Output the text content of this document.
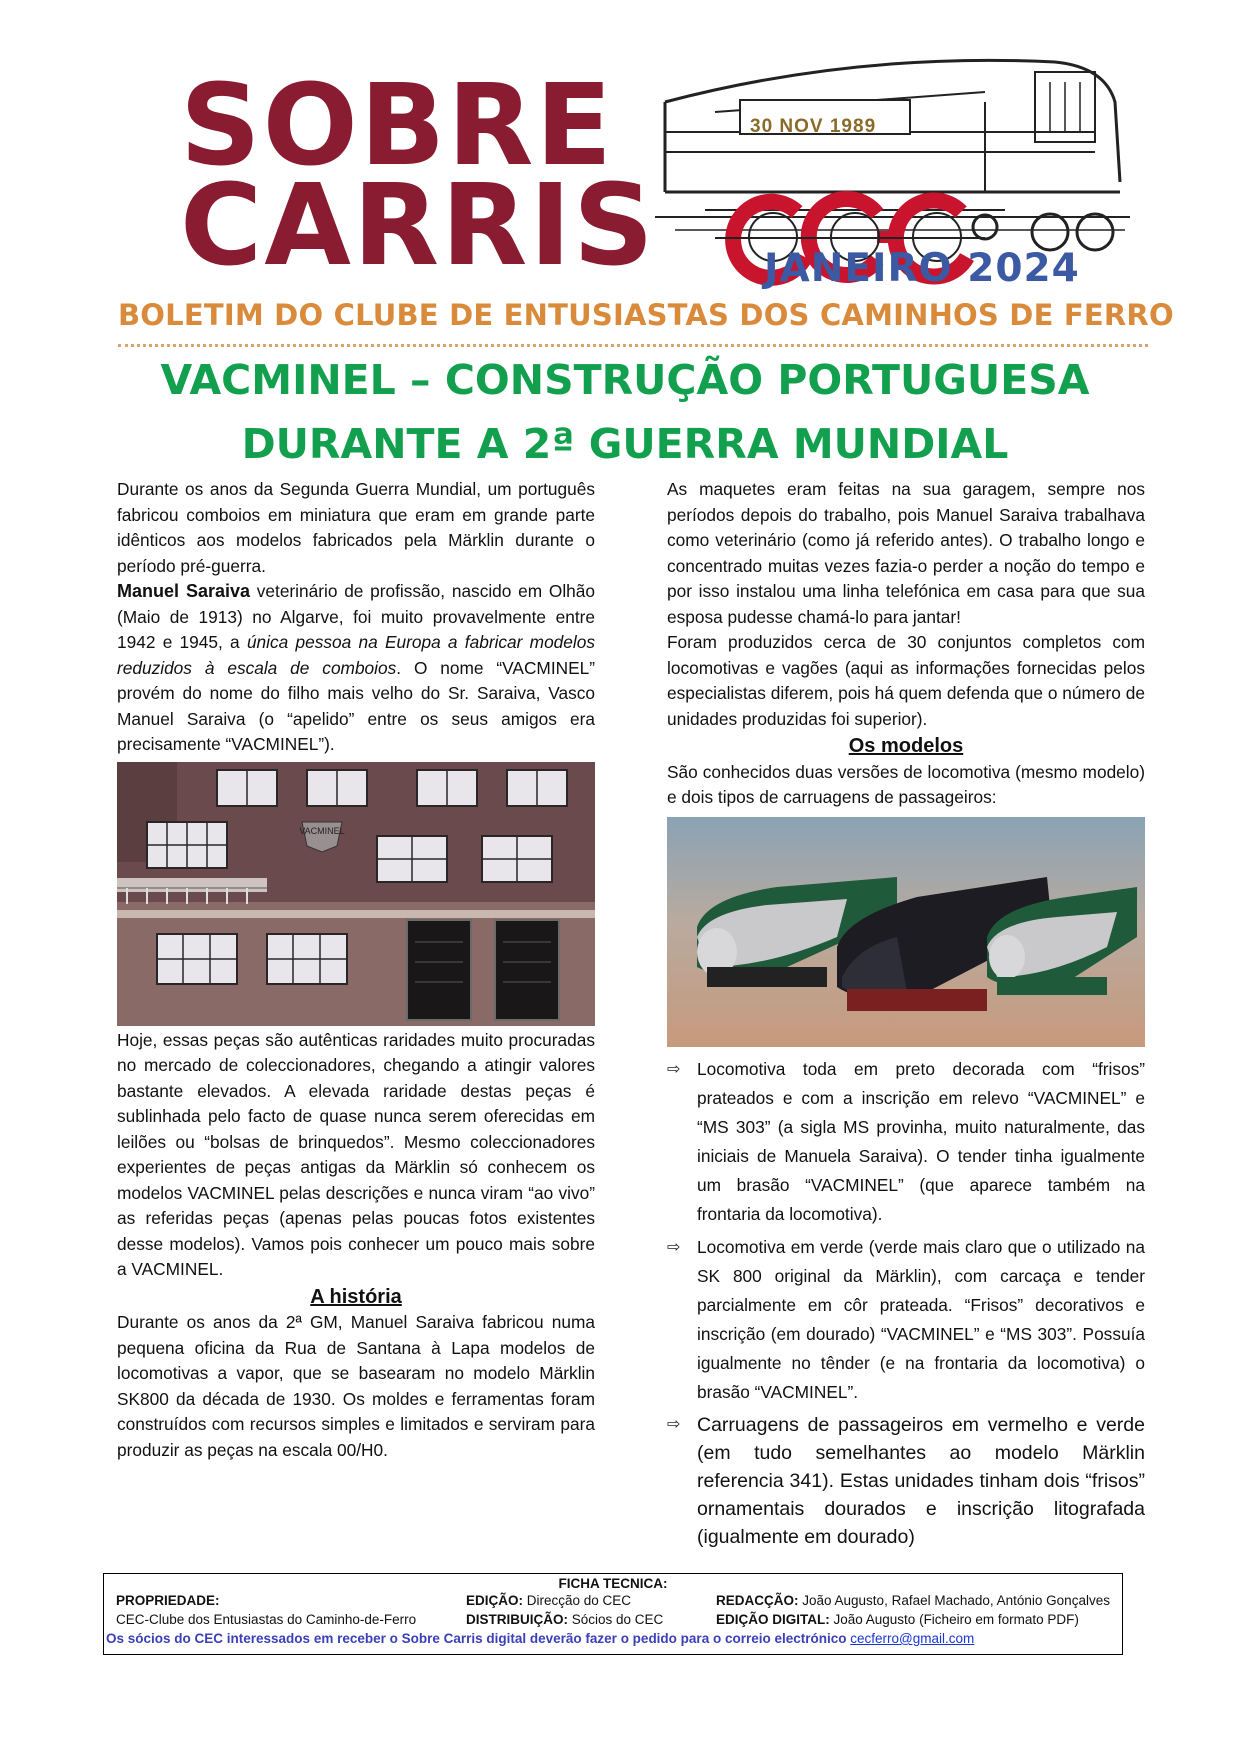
SOBRE
CARRIS
30 NOV 1989
JANEIRO 2024
BOLETIM DO CLUBE DE ENTUSIASTAS DOS CAMINHOS DE FERRO
VACMINEL – CONSTRUÇÃO PORTUGUESA
DURANTE A 2ª GUERRA MUNDIAL

Durante os anos da Segunda Guerra Mundial, um português fabricou comboios em miniatura que eram em grande parte idênticos aos modelos fabricados pela Märklin durante o período pré-guerra.

Manuel Saraiva veterinário de profissão, nascido em Olhão (Maio de 1913) no Algarve, foi muito provavelmente entre 1942 e 1945, a única pessoa na Europa a fabricar modelos reduzidos à escala de comboios. O nome “VACMINEL” provém do nome do filho mais velho do Sr. Saraiva, Vasco Manuel Saraiva (o “apelido” entre os seus amigos era precisamente “VACMINEL”).

VACMINEL

Hoje, essas peças são autênticas raridades muito procuradas no mercado de coleccionadores, chegando a atingir valores bastante elevados. A elevada raridade destas peças é sublinhada pelo facto de quase nunca serem oferecidas em leilões ou “bolsas de brinquedos”. Mesmo coleccionadores experientes de peças antigas da Märklin só conhecem os modelos VACMINEL pelas descrições e nunca viram “ao vivo” as referidas peças (apenas pelas poucas fotos existentes desse modelos). Vamos pois conhecer um pouco mais sobre a VACMINEL.

A história

Durante os anos da 2ª GM, Manuel Saraiva fabricou numa pequena oficina da Rua de Santana à Lapa modelos de locomotivas a vapor, que se basearam no modelo Märklin SK800 da década de 1930. Os moldes e ferramentas foram construídos com recursos simples e limitados e serviram para produzir as peças na escala 00/H0.

As maquetes eram feitas na sua garagem, sempre nos períodos depois do trabalho, pois Manuel Saraiva trabalhava como veterinário (como já referido antes). O trabalho longo e concentrado muitas vezes fazia-o perder a noção do tempo e por isso instalou uma linha telefónica em casa para que sua esposa pudesse chamá-lo para jantar!

Foram produzidos cerca de 30 conjuntos completos com locomotivas e vagões (aqui as informações fornecidas pelos especialistas diferem, pois há quem defenda que o número de unidades produzidas foi superior).

Os modelos

São conhecidos duas versões de locomotiva (mesmo modelo) e dois tipos de carruagens de passageiros:

⇨ Locomotiva toda em preto decorada com “frisos” prateados e com a inscrição em relevo “VACMINEL” e “MS 303” (a sigla MS provinha, muito naturalmente, das iniciais de Manuela Saraiva). O tender tinha igualmente um brasão “VACMINEL” (que aparece também na frontaria da locomotiva).
⇨ Locomotiva em verde (verde mais claro que o utilizado na SK 800 original da Märklin), com carcaça e tender parcialmente em côr prateada. “Frisos” decorativos e inscrição (em dourado) “VACMINEL” e “MS 303”. Possuía igualmente no tênder (e na frontaria da locomotiva) o brasão “VACMINEL”.
⇨ Carruagens de passageiros em vermelho e verde (em tudo semelhantes ao modelo Märklin referencia 341). Estas unidades tinham dois “frisos” ornamentais dourados e inscrição litografada (igualmente em dourado)
FICHA TECNICA:
PROPRIEDADE:
CEC-Clube dos Entusiastas do Caminho-de-Ferro
EDIÇÃO: Direcção do CEC
DISTRIBUIÇÃO: Sócios do CEC
REDACÇÃO: João Augusto, Rafael Machado, António Gonçalves
EDIÇÃO DIGITAL: João Augusto (Ficheiro em formato PDF)
Os sócios do CEC interessados em receber o Sobre Carris digital deverão fazer o pedido para o correio electrónico cecferro@gmail.com
